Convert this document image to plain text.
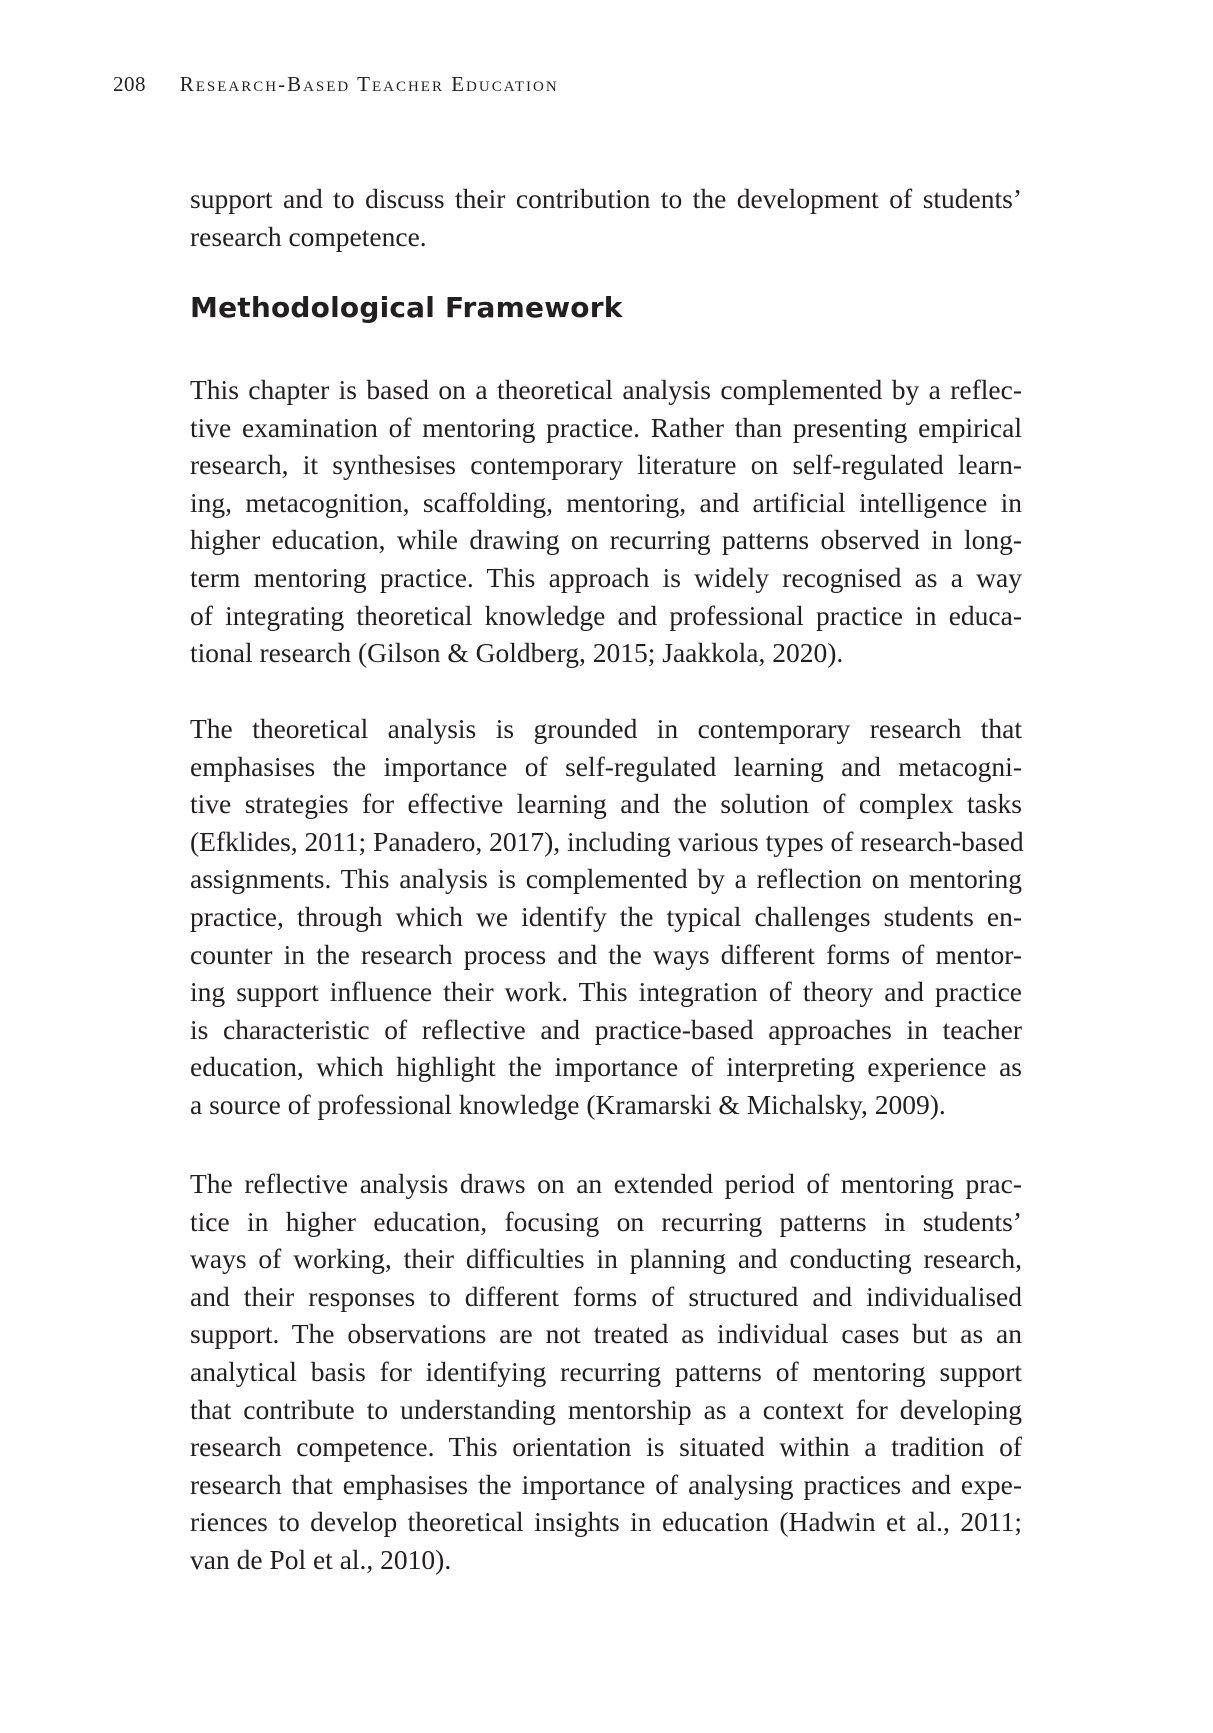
208 Research-Based Teacher Education
support and to discuss their contribution to the development of students’
research competence.
Methodological Framework
This chapter is based on a theoretical analysis complemented by a reflec-
tive examination of mentoring practice. Rather than presenting empirical
research, it synthesises contemporary literature on self-regulated learn-
ing, metacognition, scaffolding, mentoring, and artificial intelligence in
higher education, while drawing on recurring patterns observed in long-
term mentoring practice. This approach is widely recognised as a way
of integrating theoretical knowledge and professional practice in educa-
tional research (Gilson & Goldberg, 2015; Jaakkola, 2020).
The theoretical analysis is grounded in contemporary research that
emphasises the importance of self-regulated learning and metacogni-
tive strategies for effective learning and the solution of complex tasks
(Efklides, 2011; Panadero, 2017), including various types of research-based
assignments. This analysis is complemented by a reflection on mentoring
practice, through which we identify the typical challenges students en-
counter in the research process and the ways different forms of mentor-
ing support influence their work. This integration of theory and practice
is characteristic of reflective and practice-based approaches in teacher
education, which highlight the importance of interpreting experience as
a source of professional knowledge (Kramarski & Michalsky, 2009).
The reflective analysis draws on an extended period of mentoring prac-
tice in higher education, focusing on recurring patterns in students’
ways of working, their difficulties in planning and conducting research,
and their responses to different forms of structured and individualised
support. The observations are not treated as individual cases but as an
analytical basis for identifying recurring patterns of mentoring support
that contribute to understanding mentorship as a context for developing
research competence. This orientation is situated within a tradition of
research that emphasises the importance of analysing practices and expe-
riences to develop theoretical insights in education (Hadwin et al., 2011;
van de Pol et al., 2010).
